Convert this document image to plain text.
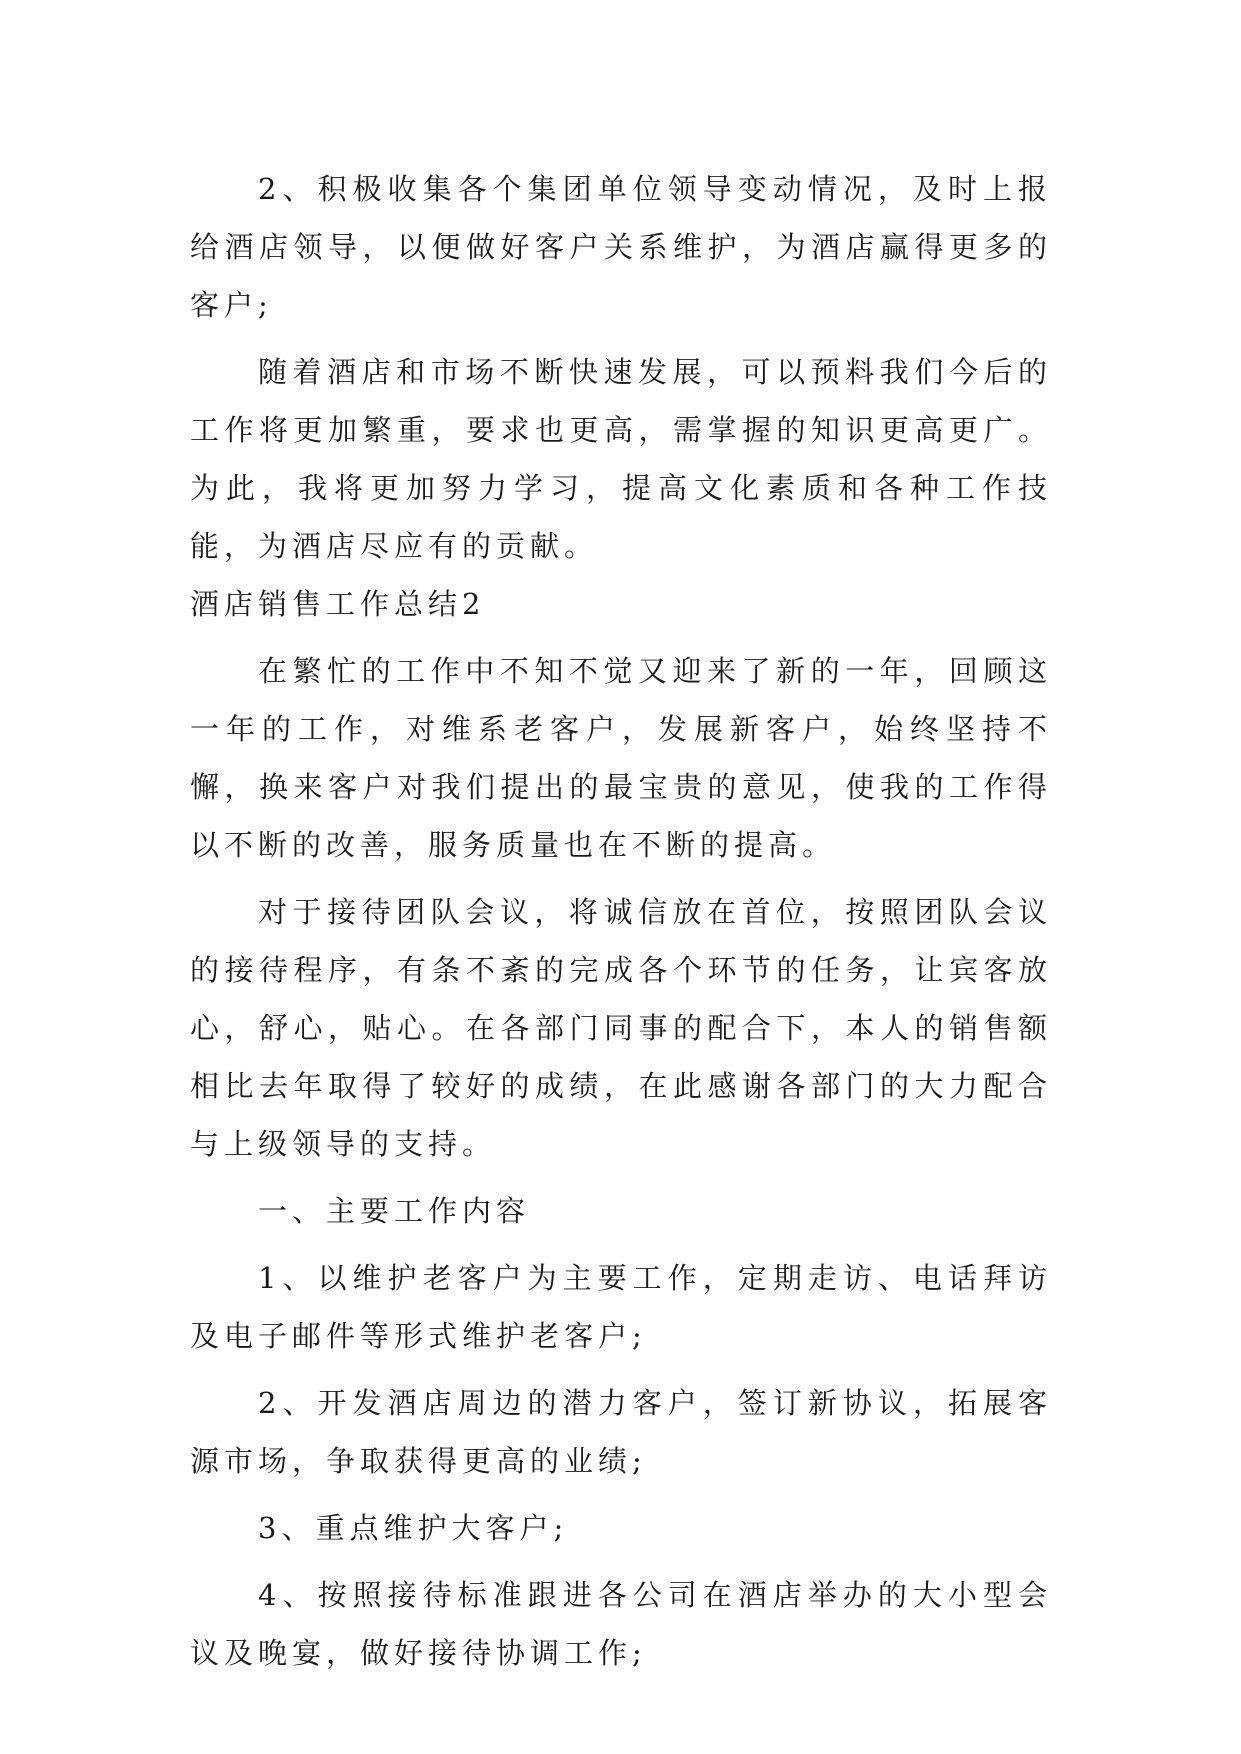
2、积极收集各个集团单位领导变动情况，及时上报给酒店领导，以便做好客户关系维护，为酒店赢得更多的客户;

随着酒店和市场不断快速发展，可以预料我们今后的工作将更加繁重，要求也更高，需掌握的知识更高更广。为此，我将更加努力学习，提高文化素质和各种工作技能，为酒店尽应有的贡献。

酒店销售工作总结2

在繁忙的工作中不知不觉又迎来了新的一年，回顾这一年的工作，对维系老客户，发展新客户，始终坚持不懈，换来客户对我们提出的最宝贵的意见，使我的工作得以不断的改善，服务质量也在不断的提高。

对于接待团队会议，将诚信放在首位，按照团队会议的接待程序，有条不紊的完成各个环节的任务，让宾客放心，舒心，贴心。在各部门同事的配合下，本人的销售额相比去年取得了较好的成绩，在此感谢各部门的大力配合与上级领导的支持。

一、主要工作内容

1、以维护老客户为主要工作，定期走访、电话拜访及电子邮件等形式维护老客户;

2、开发酒店周边的潜力客户，签订新协议，拓展客源市场，争取获得更高的业绩;

3、重点维护大客户;

4、按照接待标准跟进各公司在酒店举办的大小型会议及晚宴，做好接待协调工作;
